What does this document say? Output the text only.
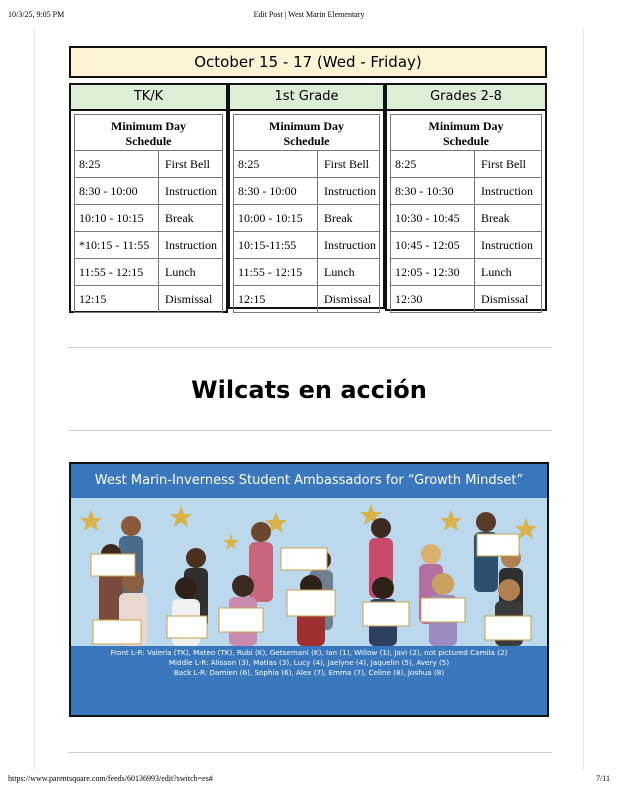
10/3/25, 9:05 PM	Edit Post | West Marin Elementary
October 15 - 17 (Wed - Friday)
TK/K
Minimum Day
Schedule
8:25	First Bell
8:30 - 10:00	Instruction
10:10 - 10:15	Break
*10:15 - 11:55	Instruction
11:55 - 12:15	Lunch
12:15	Dismissal
1st Grade
Minimum Day
Schedule
8:25	First Bell
8:30 - 10:00	Instruction
10:00 - 10:15	Break
10:15-11:55	Instruction
11:55 - 12:15	Lunch
12:15	Dismissal
Grades 2-8
Minimum Day
Schedule
8:25	First Bell
8:30 - 10:30	Instruction
10:30 - 10:45	Break
10:45 - 12:05	Instruction
12:05 - 12:30	Lunch
12:30	Dismissal
Wilcats en acción
West Marin-Inverness Student Ambassadors for “Growth Mindset”
Front L-R: Valeria (TK), Mateo (TK), Rubi (K), Getsemani (K), Ian (1), Willow (1), Javi (2), not pictured Camila (2)
Middle L-R: Alisson (3), Matias (3), Lucy (4), Jaelyne (4), Jaquelin (5), Avery (5)
Back L-R: Damien (6), Sophia (6), Alex (7), Emma (7), Celine (8), Joshua (8)
https://www.parentsquare.com/feeds/60136993/edit?switch=es#	7/11
